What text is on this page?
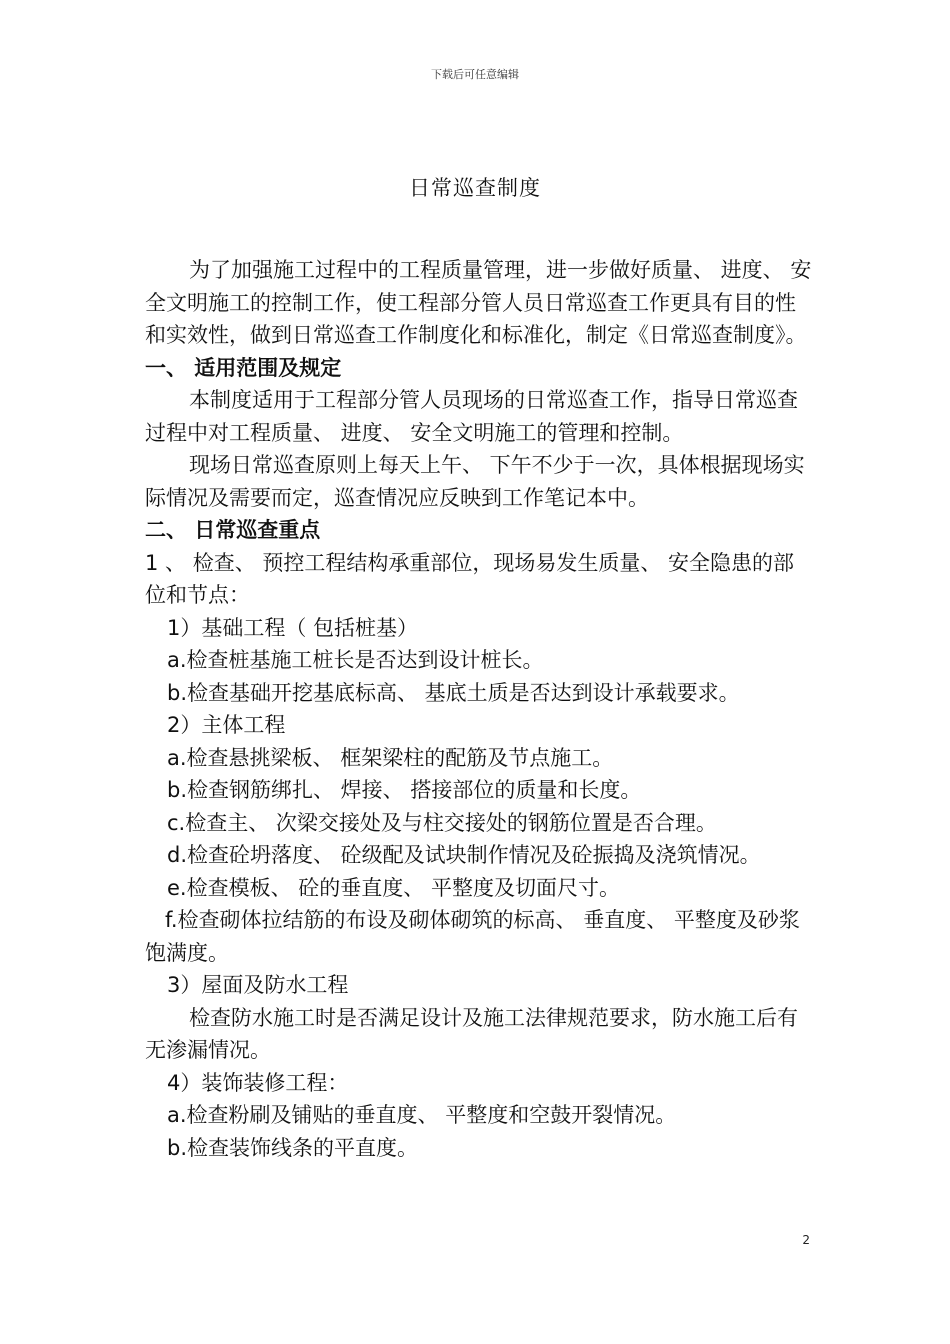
下载后可任意编辑
日常巡查制度

为了加强施工过程中的工程质量管理，进一步做好质量、 进度、 安全文明施工的控制工作，使工程部分管人员日常巡查工作更具有目的性和实效性，做到日常巡查工作制度化和标准化，制定《日常巡查制度》。

一、 适用范围及规定

本制度适用于工程部分管人员现场的日常巡查工作，指导日常巡查过程中对工程质量、 进度、 安全文明施工的管理和控制。

现场日常巡查原则上每天上午、 下午不少于一次，具体根据现场实际情况及需要而定，巡查情况应反映到工作笔记本中。

二、 日常巡查重点

1 、 检查、 预控工程结构承重部位，现场易发生质量、 安全隐患的部位和节点：

1）基础工程（ 包括桩基）

a.检查桩基施工桩长是否达到设计桩长。

b.检查基础开挖基底标高、 基底土质是否达到设计承载要求。

2）主体工程

a.检查悬挑梁板、 框架梁柱的配筋及节点施工。

b.检查钢筋绑扎、 焊接、 搭接部位的质量和长度。

c.检查主、 次梁交接处及与柱交接处的钢筋位置是否合理。

d.检查砼坍落度、 砼级配及试块制作情况及砼振捣及浇筑情况。

e.检查模板、 砼的垂直度、 平整度及切面尺寸。

f.检查砌体拉结筋的布设及砌体砌筑的标高、 垂直度、 平整度及砂浆饱满度。

3）屋面及防水工程

检查防水施工时是否满足设计及施工法律规范要求，防水施工后有无渗漏情况。

4）装饰装修工程：

a.检查粉刷及铺贴的垂直度、 平整度和空鼓开裂情况。

b.检查装饰线条的平直度。

2
